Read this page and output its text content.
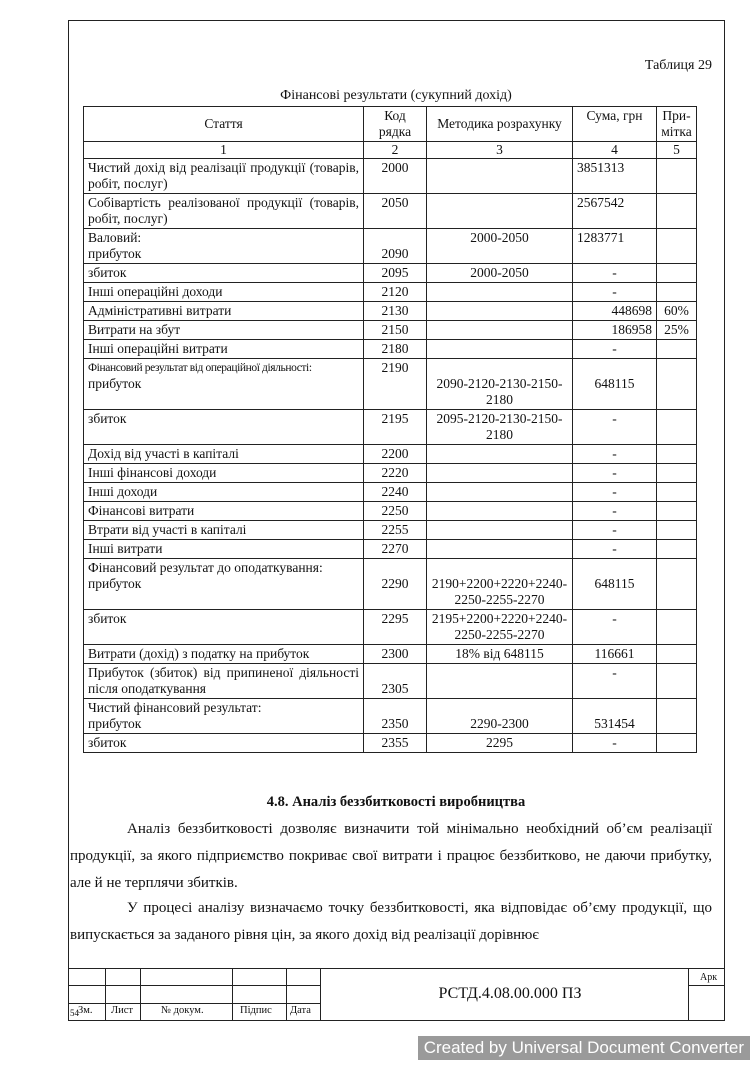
Таблиця 29
Фінансові результати (сукупний дохід)
Стаття	Код рядка	Методика розрахунку	Сума, грн	При-мітка
1	2	3	4	5
Чистий дохід від реалізації продукції (товарів, робіт, послуг)	2000		3851313	
Собівартість реалізованої продукції (товарів, робіт, послуг)	2050		2567542	

Валовий:
прибуток	2090	2000-2050	1283771	
збиток	2095	2000-2050	-	
Інші операційні доходи	2120		-	
Адміністративні витрати	2130		448698	60%
Витрати на збут	2150		186958	25%
Інші операційні витрати	2180		-	

Фінансовий результат від операційної діяльності:
прибуток	2190	2090-2120-2130-2150-2180	648115	
збиток	2195	2095-2120-2130-2150-2180	-	
Дохід від участі в капіталі	2200		-	
Інші фінансові доходи	2220		-	
Інші доходи	2240		-	
Фінансові витрати	2250		-	
Втрати від участі в капіталі	2255		-	
Інші витрати	2270		-	

Фінансовий результат до оподаткування:
прибуток	2290	2190+2200+2220+2240-2250-2255-2270	648115	
збиток	2295	2195+2200+2220+2240-2250-2255-2270	-	
Витрати (дохід) з податку на прибуток	2300	18% від 648115	116661	
Прибуток (збиток) від припиненої діяльності після оподаткування	2305		-	

Чистий фінансовий результат:
прибуток	2350	2290-2300	531454	
збиток	2355	2295	-	
4.8. Аналіз беззбитковості виробництва
Аналіз беззбитковості дозволяє визначити той мінімально необхідний об’єм реалізації продукції, за якого підприємство покриває свої витрати і працює беззбитково, не даючи прибутку, але й не терплячи збитків.
У процесі аналізу визначаємо точку беззбитковості, яка відповідає об’єму продукції, що випускається за заданого рівня цін, за якого дохід від реалізації дорівнює
Зм. Лист	№ докум.	Підпис Дата
54
РСТД.4.08.00.000 ПЗ
Арк
Created by Universal Document Converter
